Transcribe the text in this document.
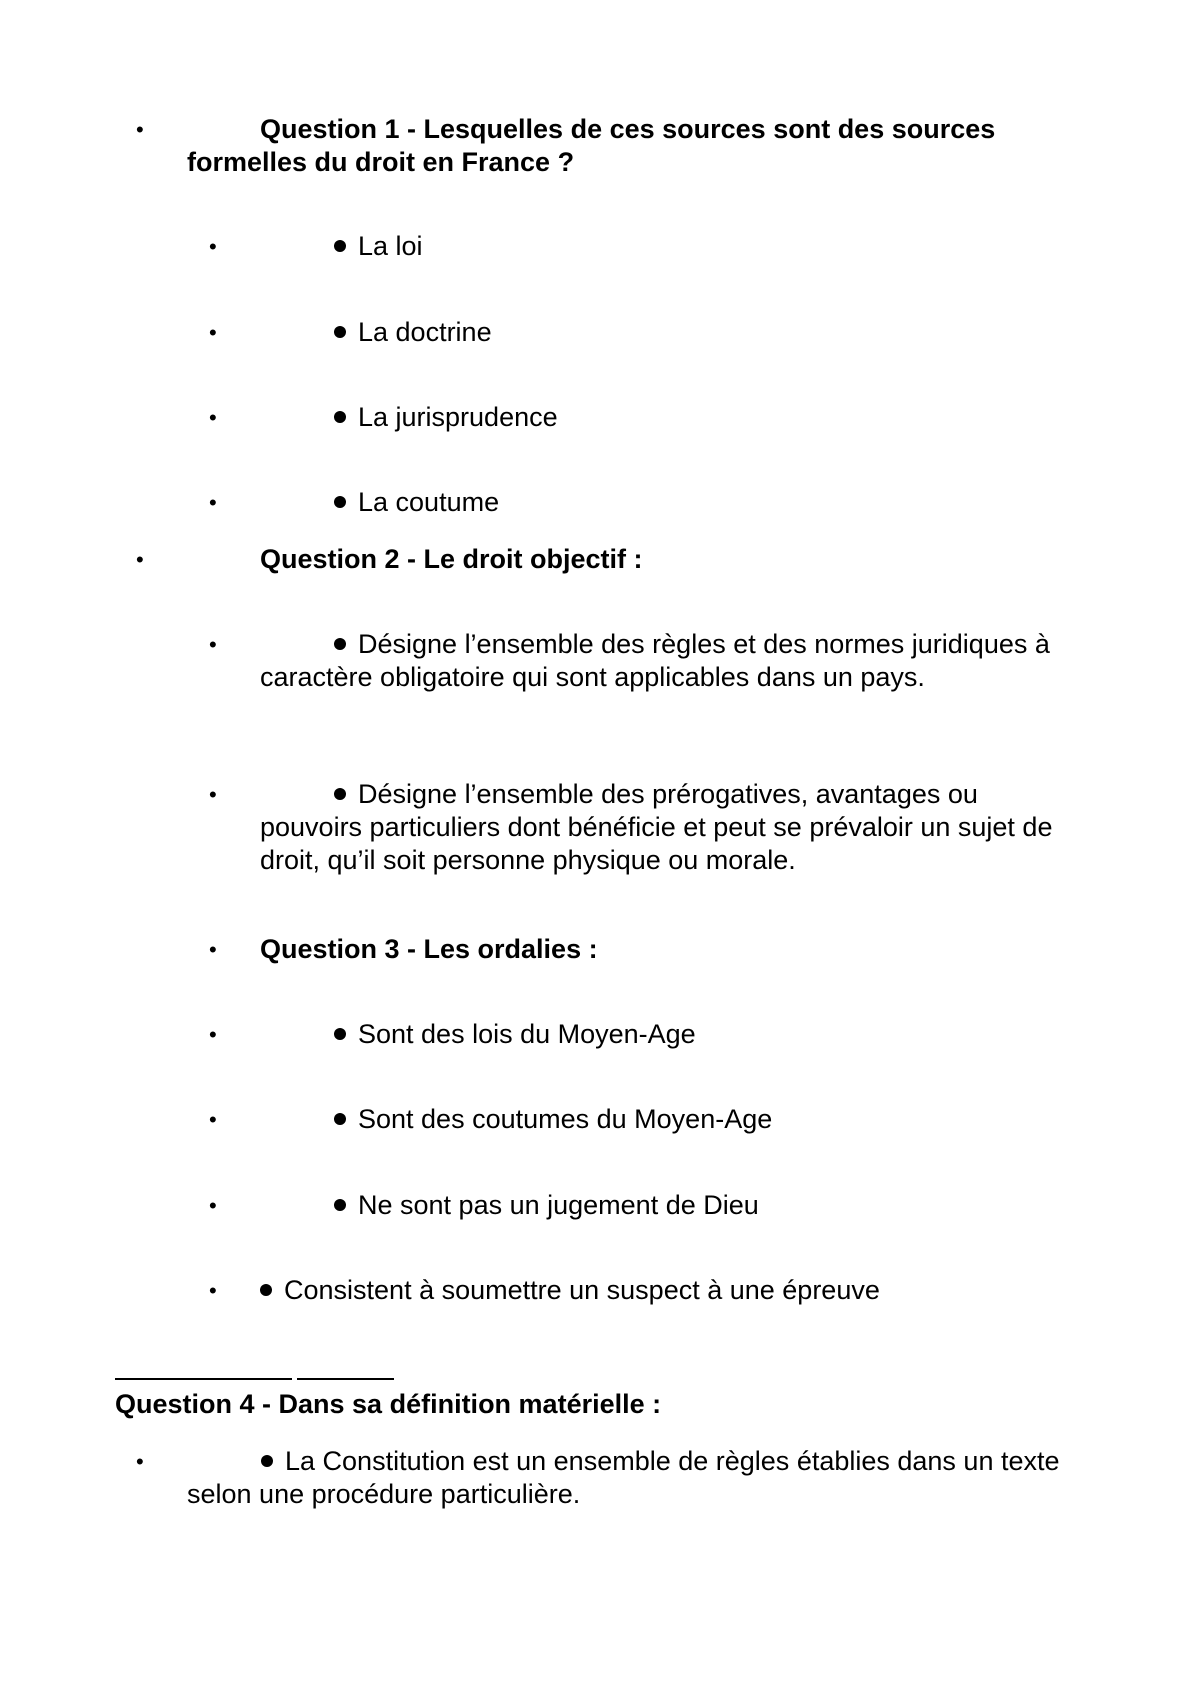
•	Question 1 - Lesquelles de ces sources sont des sources formelles du droit en France ?
•	La loi
•	La doctrine
•	La jurisprudence
•	La coutume
•	Question 2 - Le droit objectif :
•	Désigne l’ensemble des règles et des normes juridiques à caractère obligatoire qui sont applicables dans un pays.
•	Désigne l’ensemble des prérogatives, avantages ou pouvoirs particuliers dont bénéficie et peut se prévaloir un sujet de droit, qu’il soit personne physique ou morale.
• Question 3 - Les ordalies :
•	Sont des lois du Moyen-Age
•	Sont des coutumes du Moyen-Age
•	Ne sont pas un jugement de Dieu
•	Consistent à soumettre un suspect à une épreuve
Question 4 - Dans sa définition matérielle :
•	La Constitution est un ensemble de règles établies dans un texte selon une procédure particulière.
